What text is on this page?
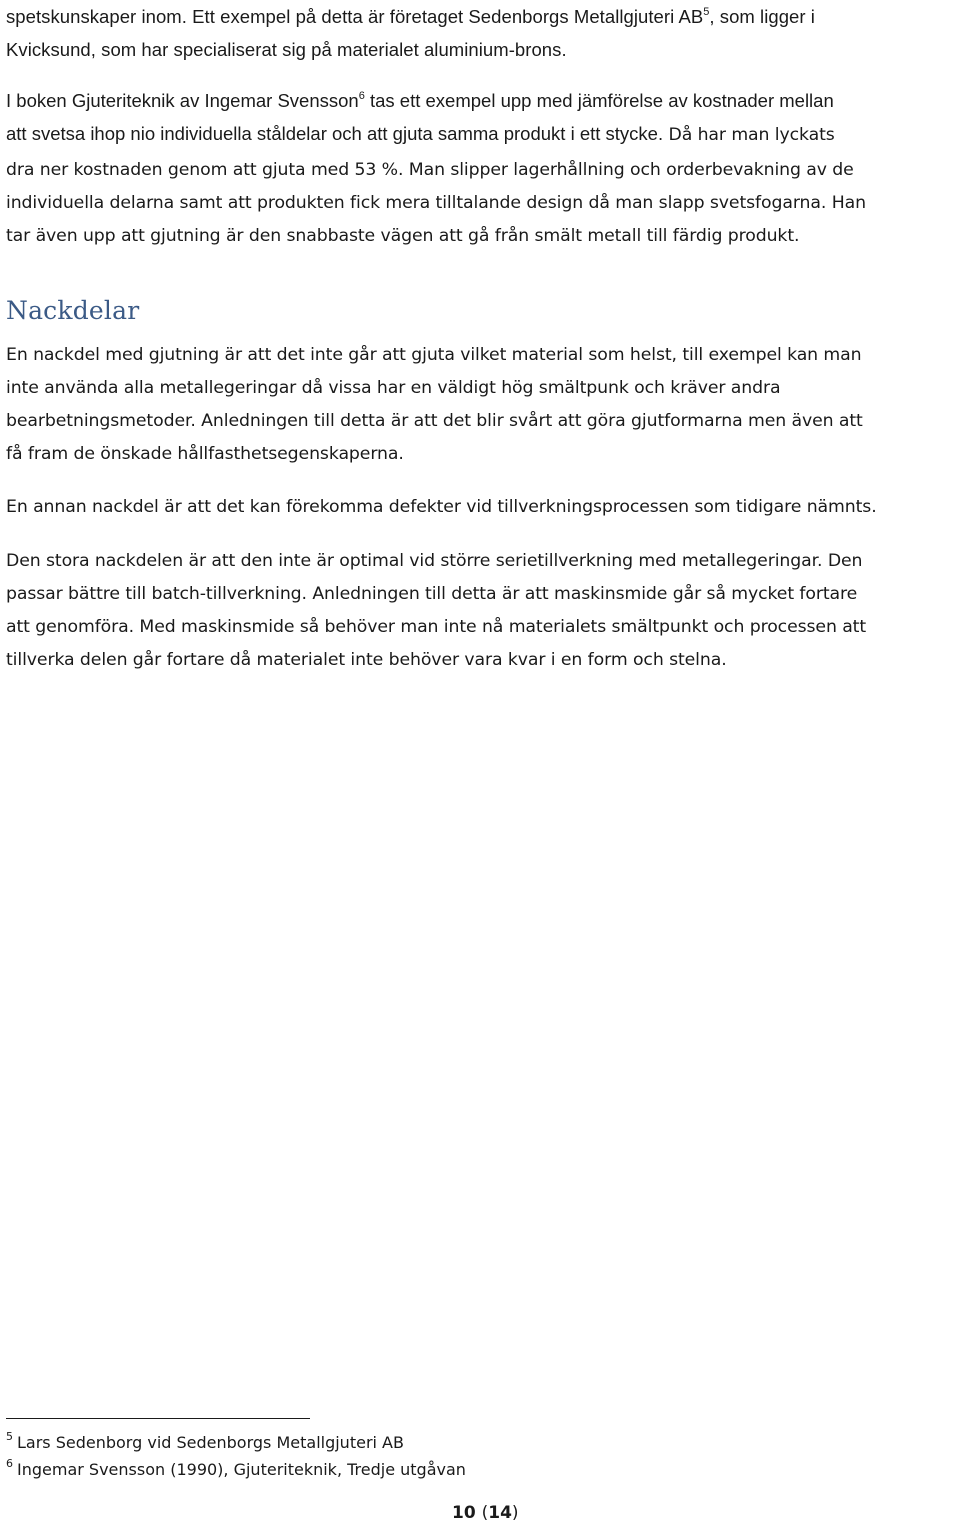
spetskunskaper inom. Ett exempel på detta är företaget Sedenborgs Metallgjuteri $AB^5$, som ligger i
Kvicksund, som har specialiserat sig på materialet aluminium-brons.

I boken Gjuteriteknik av Ingemar Svensson$^6$ tas ett exempel upp med jämförelse av kostnader mellan
att svetsa ihop nio individuella ståldelar och att gjuta samma produkt i ett stycke. Då har man lyckats
dra ner kostnaden genom att gjuta med 53 %. Man slipper lagerhållning och orderbevakning av de
individuella delarna samt att produkten fick mera tilltalande design då man slapp svetsfogarna. Han
tar även upp att gjutning är den snabbaste vägen att gå från smält metall till färdig produkt.

Nackdelar

En nackdel med gjutning är att det inte går att gjuta vilket material som helst, till exempel kan man
inte använda alla metallegeringar då vissa har en väldigt hög smältpunk och kräver andra
bearbetningsmetoder. Anledningen till detta är att det blir svårt att göra gjutformarna men även att
få fram de önskade hållfasthetsegenskaperna.

En annan nackdel är att det kan förekomma defekter vid tillverkningsprocessen som tidigare nämnts.

Den stora nackdelen är att den inte är optimal vid större serietillverkning med metallegeringar. Den
passar bättre till batch-tillverkning. Anledningen till detta är att maskinsmide går så mycket fortare
att genomföra. Med maskinsmide så behöver man inte nå materialets smältpunkt och processen att
tillverka delen går fortare då materialet inte behöver vara kvar i en form och stelna.

$^5$ Lars Sedenborg vid Sedenborgs Metallgjuteri AB
$^6$ Ingemar Svensson (1990), Gjuteriteknik, Tredje utgåvan
10 (14)
